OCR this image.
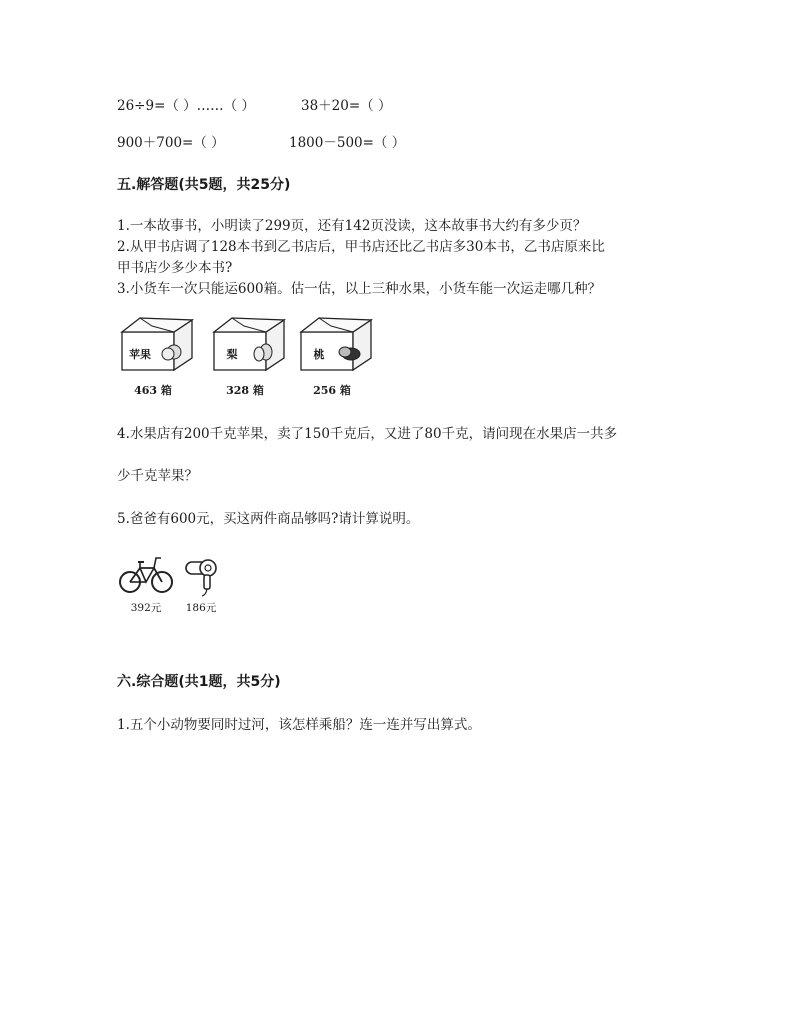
26÷9=（ ）……（ ）	38＋20=（ ）
900＋700=（ ）	1800－500=（ ）
五.解答题(共5题，共25分)
1.一本故事书，小明读了299页，还有142页没读，这本故事书大约有多少页？
2.从甲书店调了128本书到乙书店后，甲书店还比乙书店多30本书，乙书店原来比
甲书店少多少本书?
3.小货车一次只能运600箱。估一估，以上三种水果，小货车能一次运走哪几种？
苹果
463 箱
梨
328 箱
桃
256 箱
4.水果店有200千克苹果，卖了150千克后，又进了80千克，请问现在水果店一共多
少千克苹果？
5.爸爸有600元，买这两件商品够吗?请计算说明。
392元	186元
六.综合题(共1题，共5分)
1.五个小动物要同时过河，该怎样乘船？连一连并写出算式。
